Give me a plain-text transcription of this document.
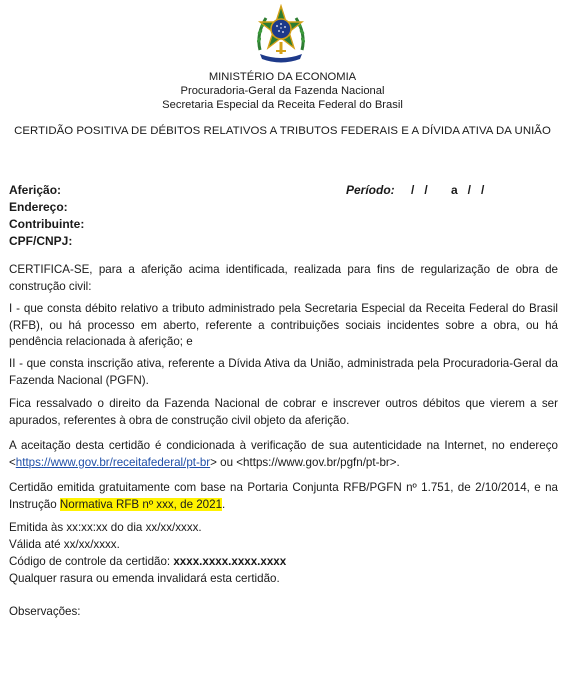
MINISTÉRIO DA ECONOMIA
Procuradoria-Geral da Fazenda Nacional
Secretaria Especial da Receita Federal do Brasil
CERTIDÃO POSITIVA DE DÉBITOS RELATIVOS A TRIBUTOS FEDERAIS E A DÍVIDA ATIVA DA UNIÃO
Aferição:
Endereço:
Contribuinte:
CPF/CNPJ:
Período: /   /       a   /   /

CERTIFICA-SE, para a aferição acima identificada, realizada para fins de regularização de obra de construção civil:

I - que consta débito relativo a tributo administrado pela Secretaria Especial da Receita Federal do Brasil (RFB), ou há processo em aberto, referente a contribuições sociais incidentes sobre a obra, ou há pendência relacionada à aferição; e

II - que consta inscrição ativa, referente a Dívida Ativa da União, administrada pela Procuradoria-Geral da Fazenda Nacional (PGFN).

Fica ressalvado o direito da Fazenda Nacional de cobrar e inscrever outros débitos que vierem a ser apurados, referentes à obra de construção civil objeto da aferição.

A aceitação desta certidão é condicionada à verificação de sua autenticidade na Internet, no endereço <https://www.gov.br/receitafederal/pt-br> ou <https://www.gov.br/pgfn/pt-br>.

Certidão emitida gratuitamente com base na Portaria Conjunta RFB/PGFN nº 1.751, de 2/10/2014, e na Instrução Normativa RFB nº xxx, de 2021.

Emitida às xx:xx:xx do dia xx/xx/xxxx.
Válida até xx/xx/xxxx.
Código de controle da certidão: xxxx.xxxx.xxxx.xxxx
Qualquer rasura ou emenda invalidará esta certidão.
Observações:
